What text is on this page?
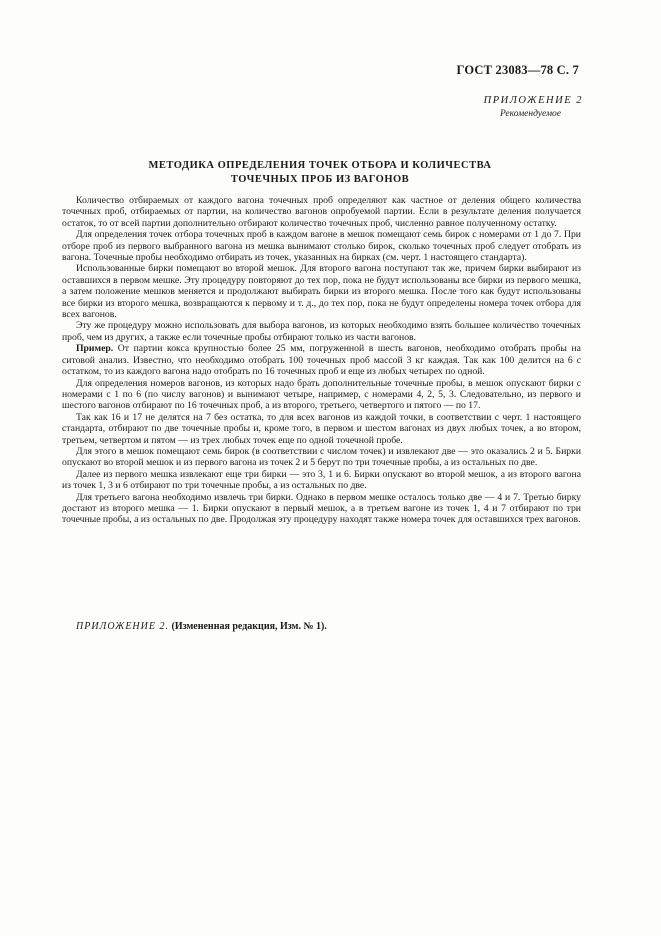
ГОСТ 23083—78 С. 7
ПРИЛОЖЕНИЕ 2
Рекомендуемое
МЕТОДИКА ОПРЕДЕЛЕНИЯ ТОЧЕК ОТБОРА И КОЛИЧЕСТВА
ТОЧЕЧНЫХ ПРОБ ИЗ ВАГОНОВ

Количество отбираемых от каждого вагона точечных проб определяют как частное от деления общего количества точечных проб, отбираемых от партии, на количество вагонов опробуемой партии. Если в результате деления получается остаток, то от всей партии дополнительно отбирают количество точечных проб, численно равное полученному остатку.

Для определения точек отбора точечных проб в каждом вагоне в мешок помещают семь бирок с номерами от 1 до 7. При отборе проб из первого выбранного вагона из мешка вынимают столько бирок, сколько точечных проб следует отобрать из вагона. Точечные пробы необходимо отбирать из точек, указанных на бирках (см. черт. 1 настоящего стандарта).

Использованные бирки помещают во второй мешок. Для второго вагона поступают так же, причем бирки выбирают из оставшихся в первом мешке. Эту процедуру повторяют до тех пор, пока не будут использованы все бирки из первого мешка, а затем положение мешков меняется и продолжают выбирать бирки из второго мешка. После того как будут использованы все бирки из второго мешка, возвращаются к первому и т. д., до тех пор, пока не будут определены номера точек отбора для всех вагонов.

Эту же процедуру можно использовать для выбора вагонов, из которых необходимо взять большее количество точечных проб, чем из других, а также если точечные пробы отбирают только из части вагонов.

Пример. От партии кокса крупностью более 25 мм, погруженной в шесть вагонов, необходимо отобрать пробы на ситовой анализ. Известно, что необходимо отобрать 100 точечных проб массой 3 кг каждая. Так как 100 делится на 6 с остатком, то из каждого вагона надо отобрать по 16 точечных проб и еще из любых четырех по одной.

Для определения номеров вагонов, из которых надо брать дополнительные точечные пробы, в мешок опускают бирки с номерами с 1 по 6 (по числу вагонов) и вынимают четыре, например, с номерами 4, 2, 5, 3. Следовательно, из первого и шестого вагонов отбирают по 16 точечных проб, а из второго, третьего, четвертого и пятого — по 17.

Так как 16 и 17 не делятся на 7 без остатка, то для всех вагонов из каждой точки, в соответствии с черт. 1 настоящего стандарта, отбирают по две точечные пробы и, кроме того, в первом и шестом вагонах из двух любых точек, а во втором, третьем, четвертом и пятом — из трех любых точек еще по одной точечной пробе.

Для этого в мешок помещают семь бирок (в соответствии с числом точек) и извлекают две — это оказались 2 и 5. Бирки опускают во второй мешок и из первого вагона из точек 2 и 5 берут по три точечные пробы, а из остальных по две.

Далее из первого мешка извлекают еще три бирки — это 3, 1 и 6. Бирки опускают во второй мешок, а из второго вагона из точек 1, 3 и 6 отбирают по три точечные пробы, а из остальных по две.

Для третьего вагона необходимо извлечь три бирки. Однако в первом мешке осталось только две — 4 и 7. Третью бирку достают из второго мешка — 1. Бирки опускают в первый мешок, а в третьем вагоне из точек 1, 4 и 7 отбирают по три точечные пробы, а из остальных по две. Продолжая эту процедуру находят также номера точек для оставшихся трех вагонов.

ПРИЛОЖЕНИЕ 2. (Измененная редакция, Изм. № 1).
